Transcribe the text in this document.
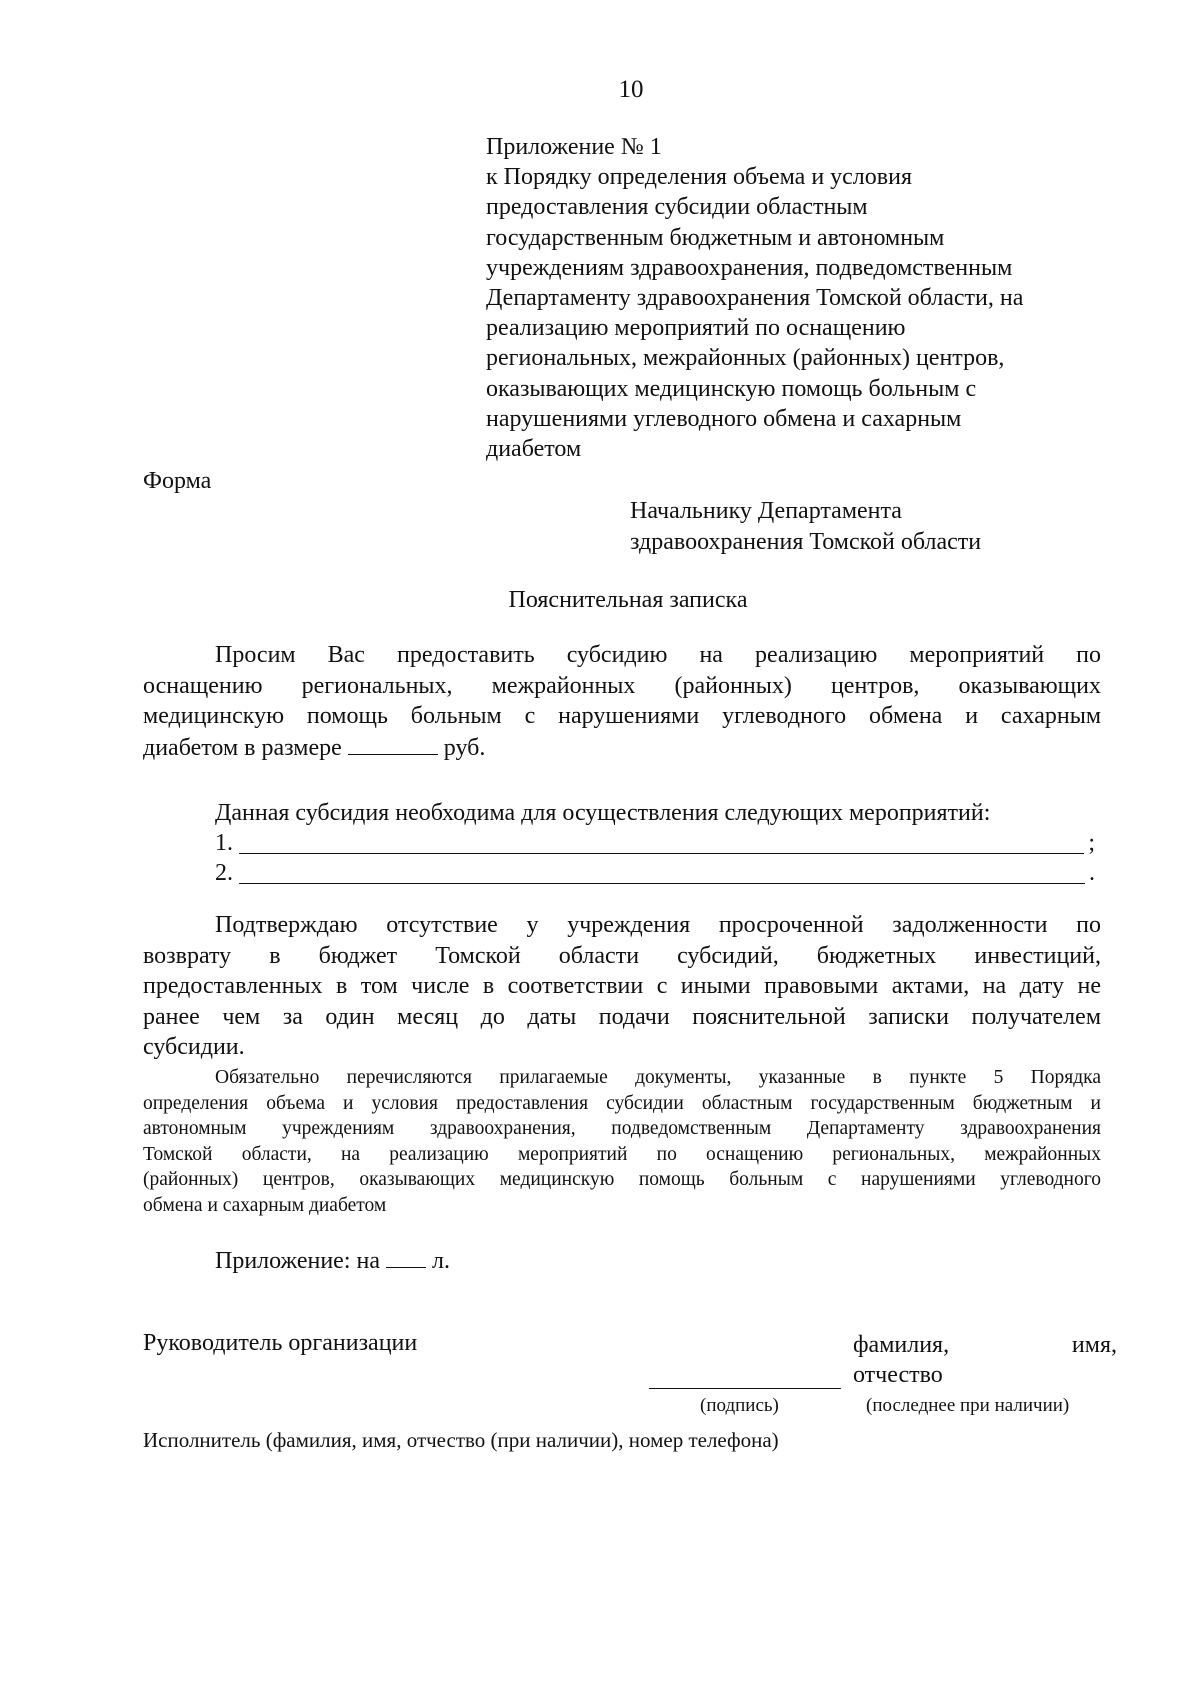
10
Приложение № 1
к Порядку определения объема и условия
предоставления субсидии областным
государственным бюджетным и автономным
учреждениям здравоохранения, подведомственным
Департаменту здравоохранения Томской области, на
реализацию мероприятий по оснащению
региональных, межрайонных (районных) центров,
оказывающих медицинскую помощь больным с
нарушениями углеводного обмена и сахарным
диабетом
Форма
Начальнику Департамента
здравоохранения Томской области
Пояснительная записка
Просим Вас предоставить субсидию на реализацию мероприятий по
оснащению региональных, межрайонных (районных) центров, оказывающих
медицинскую помощь больным с нарушениями углеводного обмена и сахарным
диабетом в размере	руб.
Данная субсидия необходима для осуществления следующих мероприятий:
1.	;
2.	.
Подтверждаю отсутствие у учреждения просроченной задолженности по
возврату в бюджет Томской области субсидий, бюджетных инвестиций,
предоставленных в том числе в соответствии с иными правовыми актами, на дату не
ранее чем за один месяц до даты подачи пояснительной записки получателем
субсидии.
Обязательно перечисляются прилагаемые документы, указанные в пункте 5 Порядка
определения объема и условия предоставления субсидии областным государственным бюджетным и
автономным учреждениям здравоохранения, подведомственным Департаменту здравоохранения
Томской области, на реализацию мероприятий по оснащению региональных, межрайонных
(районных) центров, оказывающих медицинскую помощь больным с нарушениями углеводного
обмена и сахарным диабетом
Приложение: на  л.
Руководитель организации	фамилия,	имя,
отчество
(подпись)	(последнее при наличии)
Исполнитель (фамилия, имя, отчество (при наличии), номер телефона)
